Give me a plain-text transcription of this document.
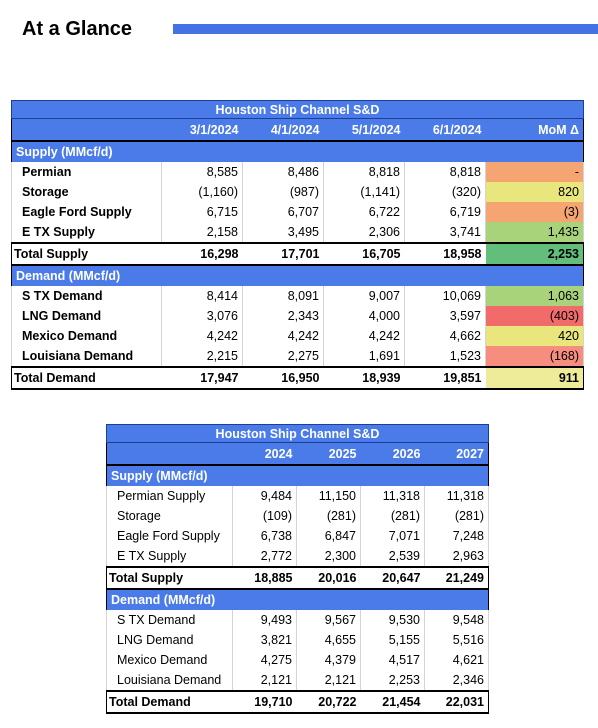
At a Glance
Houston Ship Channel S&D					
	3/1/2024	4/1/2024	5/1/2024	6/1/2024	MoM Δ
Supply (MMcf/d)					
Permian	8,585	8,486	8,818	8,818	-
Storage	(1,160)	(987)	(1,141)	(320)	820
Eagle Ford Supply	6,715	6,707	6,722	6,719	(3)
E TX Supply	2,158	3,495	2,306	3,741	1,435
Total Supply	16,298	17,701	16,705	18,958	2,253
Demand (MMcf/d)					
S TX Demand	8,414	8,091	9,007	10,069	1,063
LNG Demand	3,076	2,343	4,000	3,597	(403)
Mexico Demand	4,242	4,242	4,242	4,662	420
Louisiana Demand	2,215	2,275	1,691	1,523	(168)
Total Demand	17,947	16,950	18,939	19,851	911
Houston Ship Channel S&D				
	2024	2025	2026	2027
Supply (MMcf/d)				
Permian Supply	9,484	11,150	11,318	11,318
Storage	(109)	(281)	(281)	(281)
Eagle Ford Supply	6,738	6,847	7,071	7,248
E TX Supply	2,772	2,300	2,539	2,963
Total Supply	18,885	20,016	20,647	21,249
Demand (MMcf/d)				
S TX Demand	9,493	9,567	9,530	9,548
LNG Demand	3,821	4,655	5,155	5,516
Mexico Demand	4,275	4,379	4,517	4,621
Louisiana Demand	2,121	2,121	2,253	2,346
Total Demand	19,710	20,722	21,454	22,031
